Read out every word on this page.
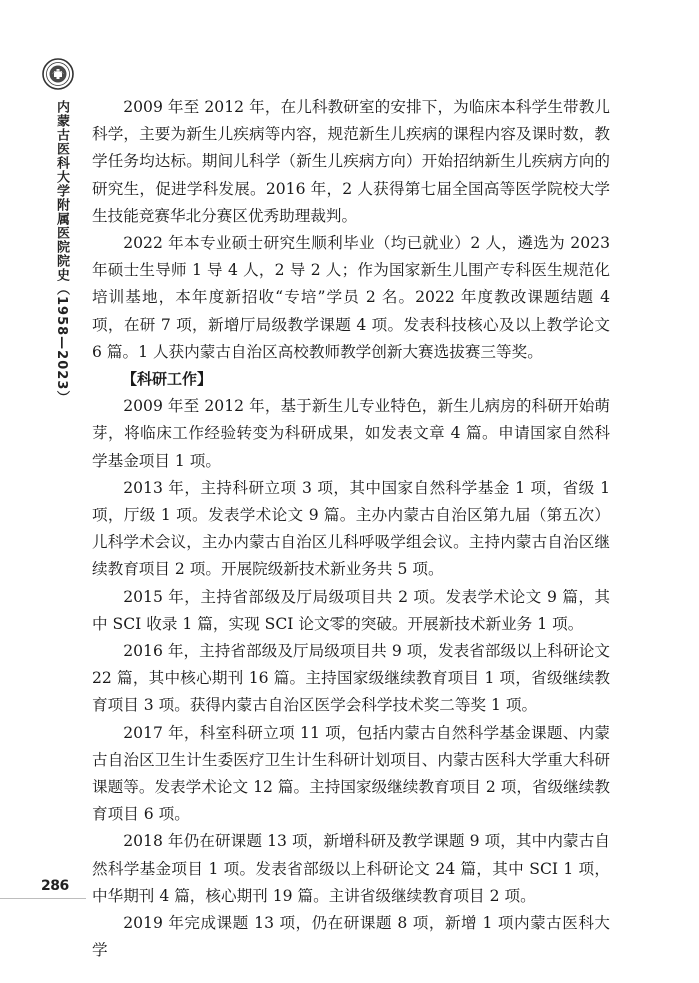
内蒙古医科大学附属医院院史（1958—2023）	2009 年至 2012 年，在儿科教研室的安排下，为临床本科学生带教儿科学，主要为新生儿疾病等内容，规范新生儿疾病的课程内容及课时数，教学任务均达标。期间儿科学（新生儿疾病方向）开始招纳新生儿疾病方向的研究生，促进学科发展。2016 年，2 人获得第七届全国高等医学院校大学生技能竞赛华北分赛区优秀助理裁判。

2022 年本专业硕士研究生顺利毕业（均已就业）2 人，遴选为 2023 年硕士生导师 1 导 4 人，2 导 2 人；作为国家新生儿围产专科医生规范化培训基地，本年度新招收“专培”学员 2 名。2022 年度教改课题结题 4 项，在研 7 项，新增厅局级教学课题 4 项。发表科技核心及以上教学论文 6 篇。1 人获内蒙古自治区高校教师教学创新大赛选拔赛三等奖。

【科研工作】

2009 年至 2012 年，基于新生儿专业特色，新生儿病房的科研开始萌芽，将临床工作经验转变为科研成果，如发表文章 4 篇。申请国家自然科学基金项目 1 项。

2013 年，主持科研立项 3 项，其中国家自然科学基金 1 项，省级 1 项，厅级 1 项。发表学术论文 9 篇。主办内蒙古自治区第九届（第五次）儿科学术会议，主办内蒙古自治区儿科呼吸学组会议。主持内蒙古自治区继续教育项目 2 项。开展院级新技术新业务共 5 项。

2015 年，主持省部级及厅局级项目共 2 项。发表学术论文 9 篇，其中 SCI 收录 1 篇，实现 SCI 论文零的突破。开展新技术新业务 1 项。

2016 年，主持省部级及厅局级项目共 9 项，发表省部级以上科研论文 22 篇，其中核心期刊 16 篇。主持国家级继续教育项目 1 项，省级继续教育项目 3 项。获得内蒙古自治区医学会科学技术奖二等奖 1 项。

2017 年，科室科研立项 11 项，包括内蒙古自然科学基金课题、内蒙古自治区卫生计生委医疗卫生计生科研计划项目、内蒙古医科大学重大科研课题等。发表学术论文 12 篇。主持国家级继续教育项目 2 项，省级继续教育项目 6 项。

2018 年仍在研课题 13 项，新增科研及教学课题 9 项，其中内蒙古自然科学基金项目 1 项。发表省部级以上科研论文 24 篇，其中 SCI 1 项，中华期刊 4 篇，核心期刊 19 篇。主讲省级继续教育项目 2 项。

2019 年完成课题 13 项，仍在研课题 8 项，新增 1 项内蒙古医科大学

286
